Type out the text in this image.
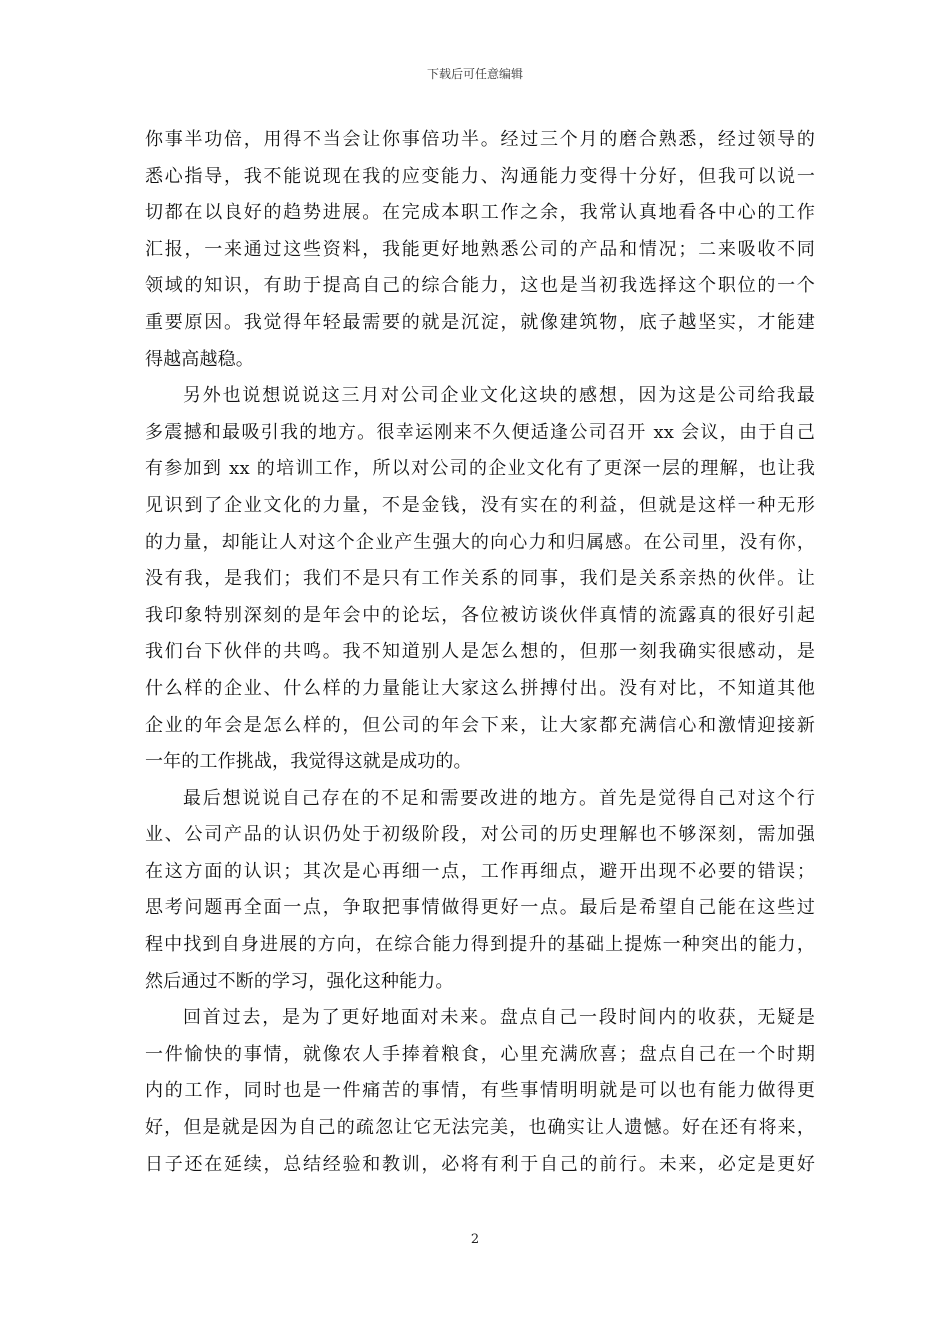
下载后可任意编辑
你事半功倍，用得不当会让你事倍功半。经过三个月的磨合熟悉，经过领导的
悉心指导，我不能说现在我的应变能力、沟通能力变得十分好，但我可以说一
切都在以良好的趋势进展。在完成本职工作之余，我常认真地看各中心的工作
汇报，一来通过这些资料，我能更好地熟悉公司的产品和情况；二来吸收不同
领域的知识，有助于提高自己的综合能力，这也是当初我选择这个职位的一个
重要原因。我觉得年轻最需要的就是沉淀，就像建筑物，底子越坚实，才能建
得越高越稳。
另外也说想说说这三月对公司企业文化这块的感想，因为这是公司给我最
多震撼和最吸引我的地方。很幸运刚来不久便适逢公司召开 xx 会议，由于自己
有参加到 xx 的培训工作，所以对公司的企业文化有了更深一层的理解，也让我
见识到了企业文化的力量，不是金钱，没有实在的利益，但就是这样一种无形
的力量，却能让人对这个企业产生强大的向心力和归属感。在公司里，没有你，
没有我，是我们；我们不是只有工作关系的同事，我们是关系亲热的伙伴。让
我印象特别深刻的是年会中的论坛，各位被访谈伙伴真情的流露真的很好引起
我们台下伙伴的共鸣。我不知道别人是怎么想的，但那一刻我确实很感动，是
什么样的企业、什么样的力量能让大家这么拼搏付出。没有对比，不知道其他
企业的年会是怎么样的，但公司的年会下来，让大家都充满信心和激情迎接新
一年的工作挑战，我觉得这就是成功的。
最后想说说自己存在的不足和需要改进的地方。首先是觉得自己对这个行
业、公司产品的认识仍处于初级阶段，对公司的历史理解也不够深刻，需加强
在这方面的认识；其次是心再细一点，工作再细点，避开出现不必要的错误；
思考问题再全面一点，争取把事情做得更好一点。最后是希望自己能在这些过
程中找到自身进展的方向，在综合能力得到提升的基础上提炼一种突出的能力，
然后通过不断的学习，强化这种能力。
回首过去，是为了更好地面对未来。盘点自己一段时间内的收获，无疑是
一件愉快的事情，就像农人手捧着粮食，心里充满欣喜；盘点自己在一个时期
内的工作，同时也是一件痛苦的事情，有些事情明明就是可以也有能力做得更
好，但是就是因为自己的疏忽让它无法完美，也确实让人遗憾。好在还有将来，
日子还在延续，总结经验和教训，必将有利于自己的前行。未来，必定是更好
2
